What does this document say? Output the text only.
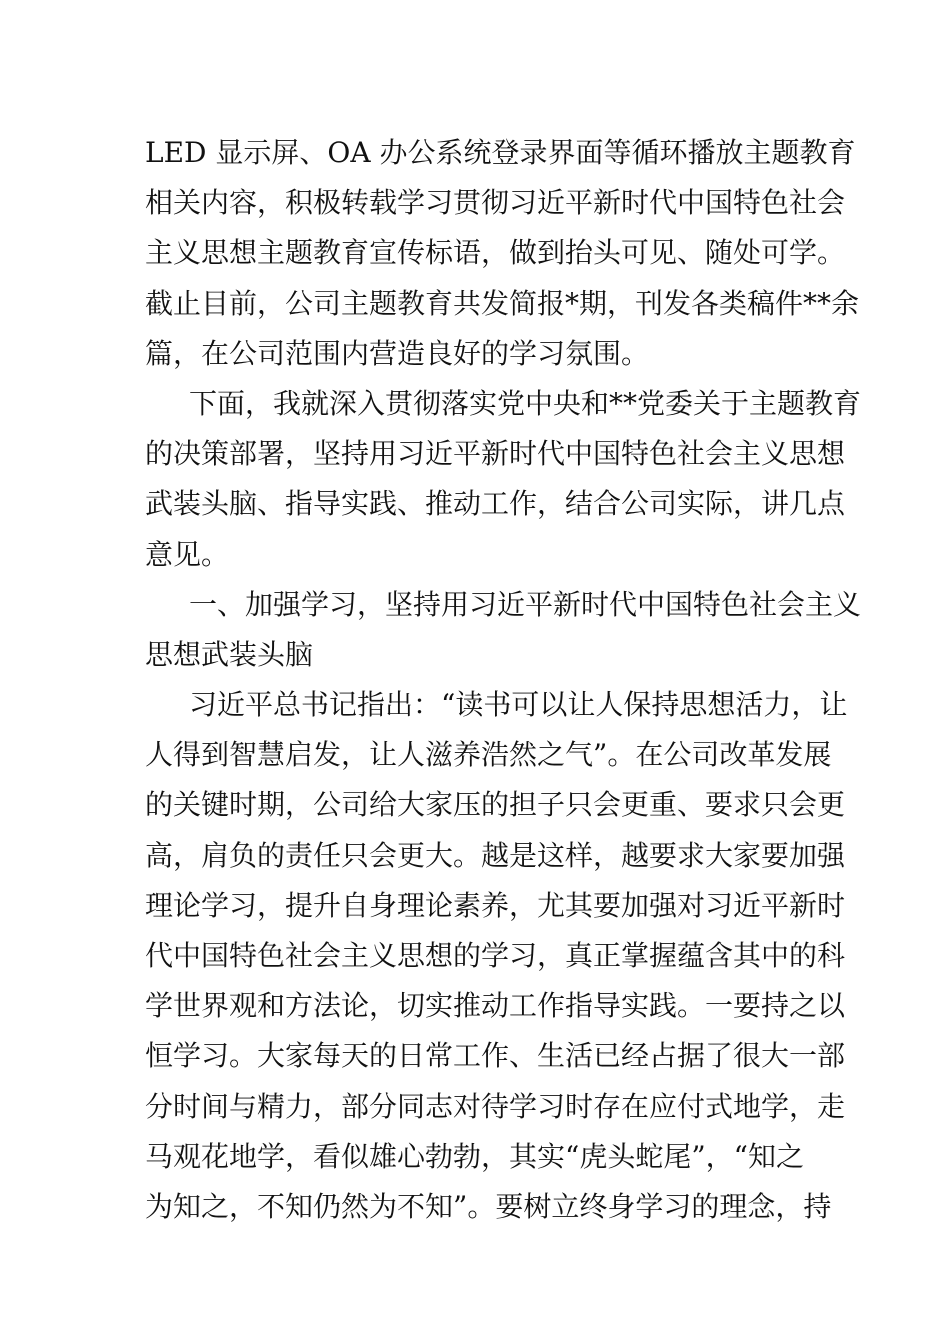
LED 显示屏、OA 办公系统登录界面等循环播放主题教育
相关内容，积极转载学习贯彻习近平新时代中国特色社会
主义思想主题教育宣传标语，做到抬头可见、随处可学。
截止目前，公司主题教育共发简报*期，刊发各类稿件**余
篇，在公司范围内营造良好的学习氛围。
下面，我就深入贯彻落实党中央和**党委关于主题教育
的决策部署，坚持用习近平新时代中国特色社会主义思想
武装头脑、指导实践、推动工作，结合公司实际，讲几点
意见。
一、加强学习，坚持用习近平新时代中国特色社会主义
思想武装头脑
习近平总书记指出：“读书可以让人保持思想活力，让
人得到智慧启发，让人滋养浩然之气”。在公司改革发展
的关键时期，公司给大家压的担子只会更重、要求只会更
高，肩负的责任只会更大。越是这样，越要求大家要加强
理论学习，提升自身理论素养，尤其要加强对习近平新时
代中国特色社会主义思想的学习，真正掌握蕴含其中的科
学世界观和方法论，切实推动工作指导实践。一要持之以
恒学习。大家每天的日常工作、生活已经占据了很大一部
分时间与精力，部分同志对待学习时存在应付式地学，走
马观花地学，看似雄心勃勃，其实“虎头蛇尾”，“知之
为知之，不知仍然为不知”。要树立终身学习的理念，持
